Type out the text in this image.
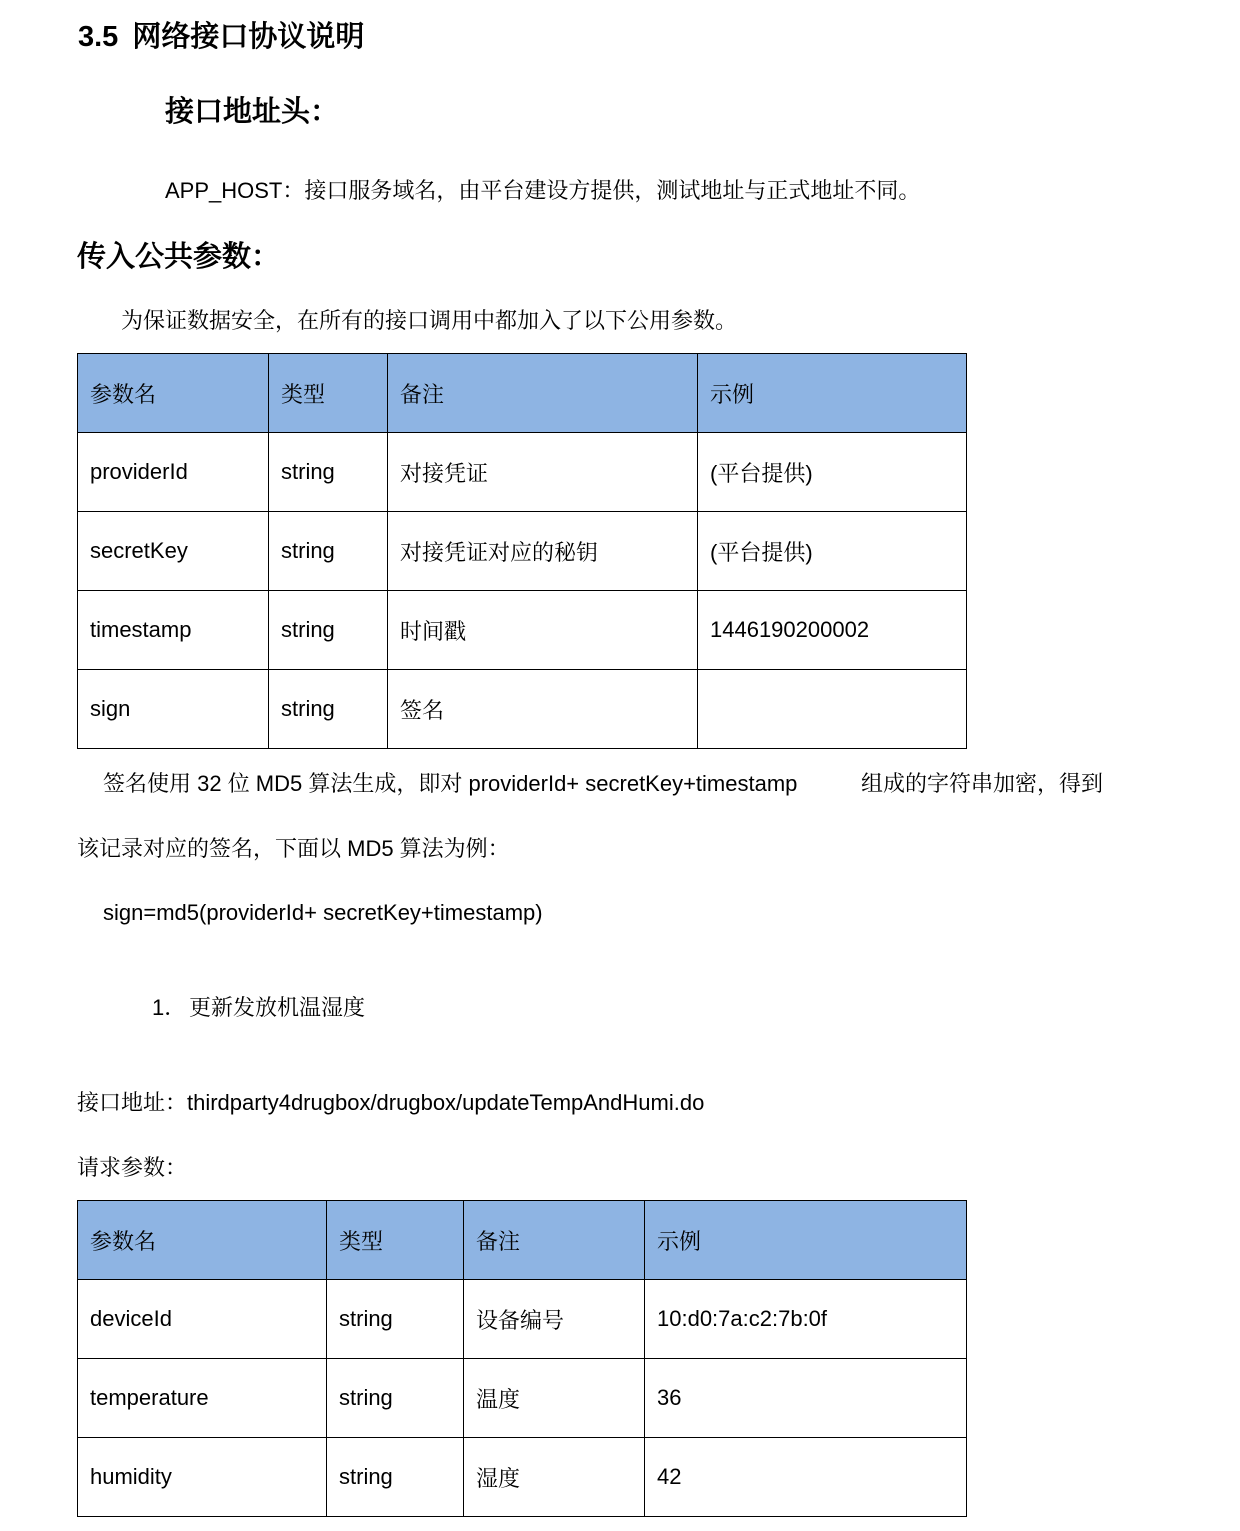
3.5 网络接口协议说明
接口地址头：
APP_HOST：接口服务域名，由平台建设方提供，测试地址与正式地址不同。
传入公共参数：
为保证数据安全，在所有的接口调用中都加入了以下公用参数。
参数名	类型	备注	示例
providerId	string	对接凭证	(平台提供)
secretKey	string	对接凭证对应的秘钥	(平台提供)
timestamp	string	时间戳	1446190200002
sign	string	签名	
签名使用 32 位 MD5 算法生成，即对 providerId+ secretKey+timestamp	组成的字符串加密，得到
该记录对应的签名，下面以 MD5 算法为例：
sign=md5(providerId+ secretKey+timestamp)
1． 更新发放机温湿度
接口地址：thirdparty4drugbox/drugbox/updateTempAndHumi.do
请求参数：
参数名	类型	备注	示例
deviceId	string	设备编号	10:d0:7a:c2:7b:0f
temperature	string	温度	36
humidity	string	湿度	42
